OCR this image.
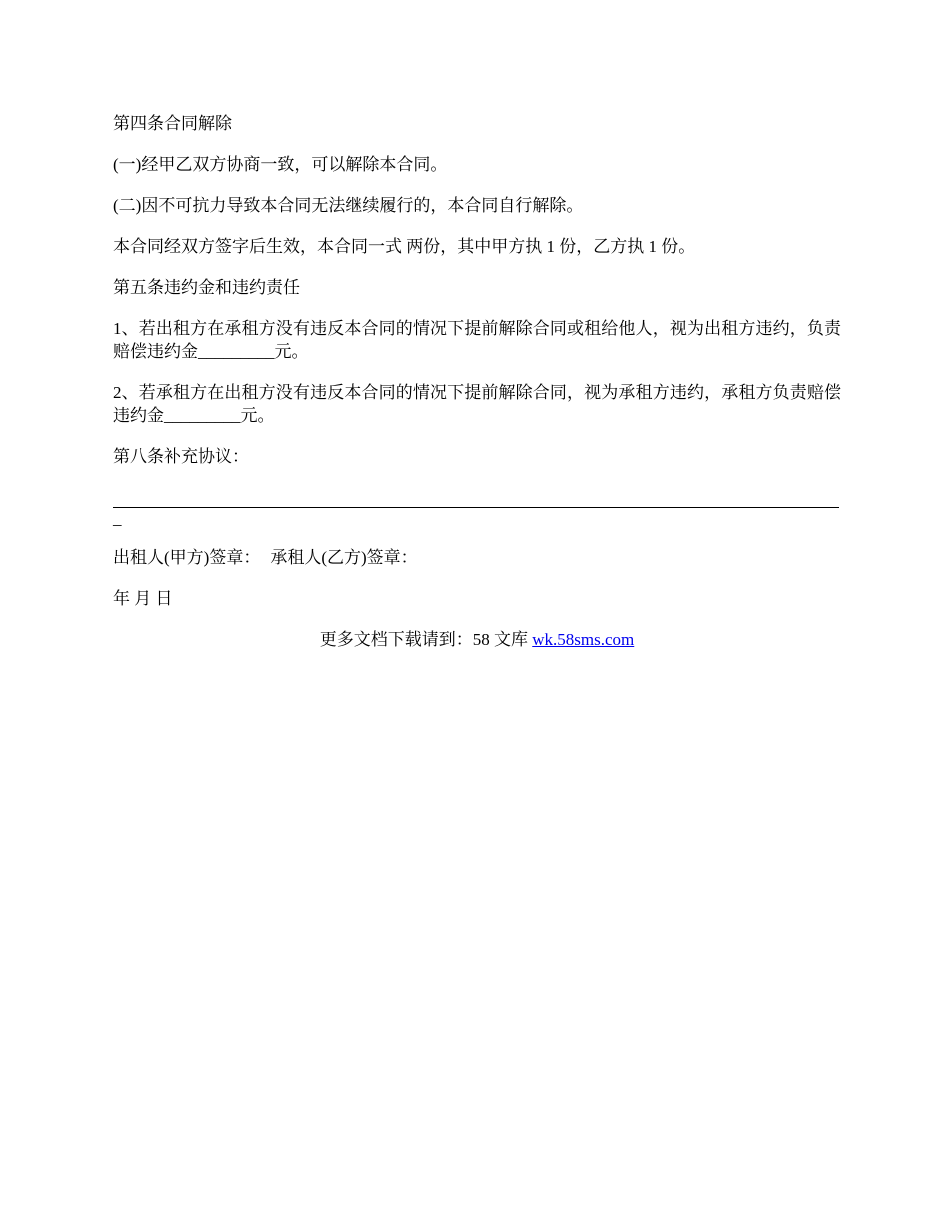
第四条合同解除

(一)经甲乙双方协商一致，可以解除本合同。

(二)因不可抗力导致本合同无法继续履行的，本合同自行解除。

本合同经双方签字后生效，本合同一式 两份，其中甲方执 1 份，乙方执 1 份。

第五条违约金和违约责任

1、若出租方在承租方没有违反本合同的情况下提前解除合同或租给他人，视为出租方违约，负责赔偿违约金_________元。

2、若承租方在出租方没有违反本合同的情况下提前解除合同，视为承租方违约，承租方负责赔偿违约金_________元。

第八条补充协议：

_

出租人(甲方)签章： 承租人(乙方)签章：

年 月 日

更多文档下载请到：58 文库 wk.58sms.com
